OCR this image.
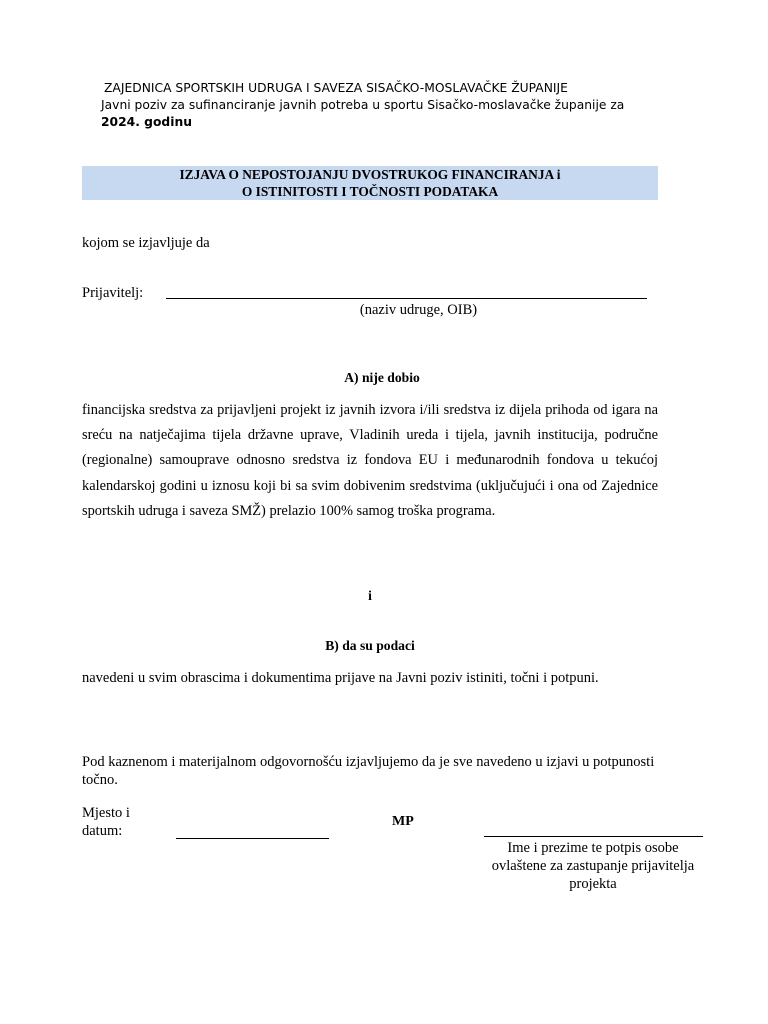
ZAJEDNICA SPORTSKIH UDRUGA I SAVEZA SISAČKO-MOSLAVAČKE ŽUPANIJE
Javni poziv za sufinanciranje javnih potreba u sportu Sisačko-moslavačke županije za
2024. godinu
IZJAVA O NEPOSTOJANJU DVOSTRUKOG FINANCIRANJA i
O ISTINITOSTI I TOČNOSTI PODATAKA
kojom se izjavljuje da
Prijavitelj:
(naziv udruge, OIB)
A) nije dobio
financijska sredstva za prijavljeni projekt iz javnih izvora i/ili sredstva iz dijela prihoda od igara na sreću na natječajima tijela državne uprave, Vladinih ureda i tijela, javnih institucija, područne (regionalne) samouprave odnosno sredstva iz fondova EU i međunarodnih fondova u tekućoj kalendarskoj godini u iznosu koji bi sa svim dobivenim sredstvima (uključujući i ona od Zajednice sportskih udruga i saveza SMŽ) prelazio 100% samog troška programa.
i
B) da su podaci
navedeni u svim obrascima i dokumentima prijave na Javni poziv istiniti, točni i potpuni.
Pod kaznenom i materijalnom odgovornošću izjavljujemo da je sve navedeno u izjavi u potpunosti točno.
Mjesto i
datum:
MP
Ime i prezime te potpis osobe ovlaštene za zastupanje prijavitelja projekta
